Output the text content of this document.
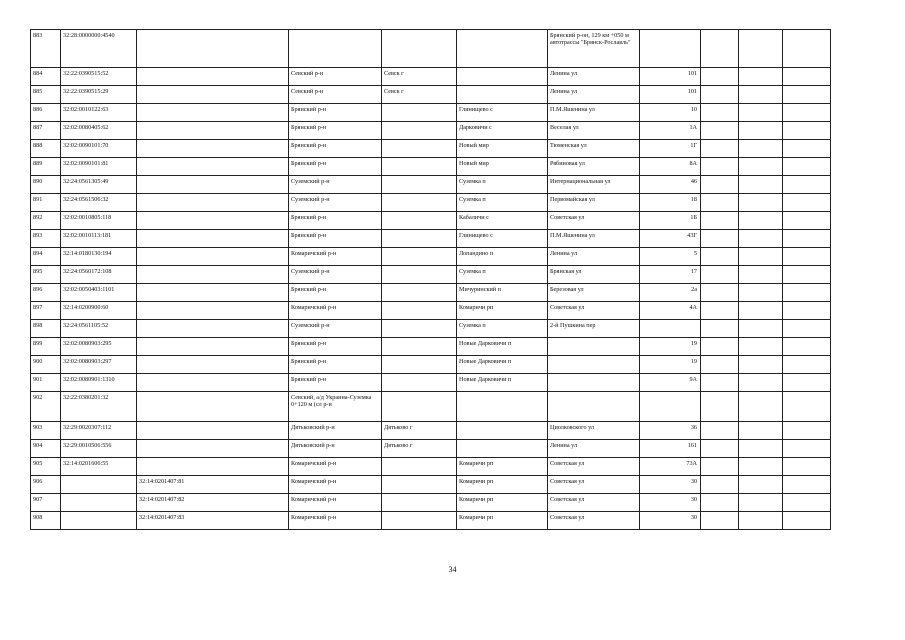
883	32:28:0000000:4540					Брянский р-он, 129 км +050 м автотрассы "Брянск-Рославль"				
884	32:22:0390515:52		Севский р-н	Севск г		Ленина ул	101			
885	32:22:0390515:29		Севский р-н	Севск г		Ленина ул	101			
886	32:02:0010122:63		Брянский р-н		Глинищево с	П.М.Яшенина ул	10			
887	32:02:0080405:62		Брянский р-н		Дарковичи с	Веселая ул	1А			
888	32:02:0090101:70		Брянский р-н		Новый мир	Тюменская ул	1Г			
889	32:02:0090101:81		Брянский р-н		Новый мир	Рябиновая ул	8А			
890	32:24:0561305:49		Суземский р-н		Суземка п	Интернациональная ул	46			
891	32:24:0561506:32		Суземский р-н		Суземка п	Первомайская ул	18			
892	32:02:0010805:118		Брянский р-н		Кабаличи с	Советская ул	1Б			
893	32:02:0010113:181		Брянский р-н		Глинищево с	П.М.Яшенина ул	43Г			
894	32:14:0180130:194		Комаричский р-н		Лопандино п	Ленина ул	5			
895	32:24:0560172:108		Суземский р-н		Суземка п	Брянская ул	17			
896	32:02:0050403:1101		Брянский р-н		Мичуринский п	Березовая ул	2а			
897	32:14:0200900:60		Комаричский р-н		Комаричи рп	Советская ул	4А			
898	32:24:0561105:52		Суземский р-н		Суземка п	2-й Пушкина пер				
899	32:02:0080903:295		Брянский р-н		Новые Дарковичи п		19			
900	32:02:0080903:297		Брянский р-н		Новые Дарковичи п		19			
901	32:02:0080901:1310		Брянский р-н		Новые Дарковичи п		9А			
902	32:22:0380201:32		Севский, а/д Украина-Суземка 0+120 м (сл р-н							
903	32:29:0020307:112		Дятьковский р-н	Дятьково г		Циолковского ул	36			
904	32:29:0010506:556		Дятьковский р-н	Дятьково г		Ленина ул	161			
905	32:14:0201606:55		Комаричский р-н		Комаричи рп	Советская ул	73А			
906		32:14:0201407:81	Комаричский р-н		Комаричи рп	Советская ул	30			
907		32:14:0201407:82	Комаричский р-н		Комаричи рп	Советская ул	30			
908		32:14:0201407:83	Комаричский р-н		Комаричи рп	Советская ул	30			
34
